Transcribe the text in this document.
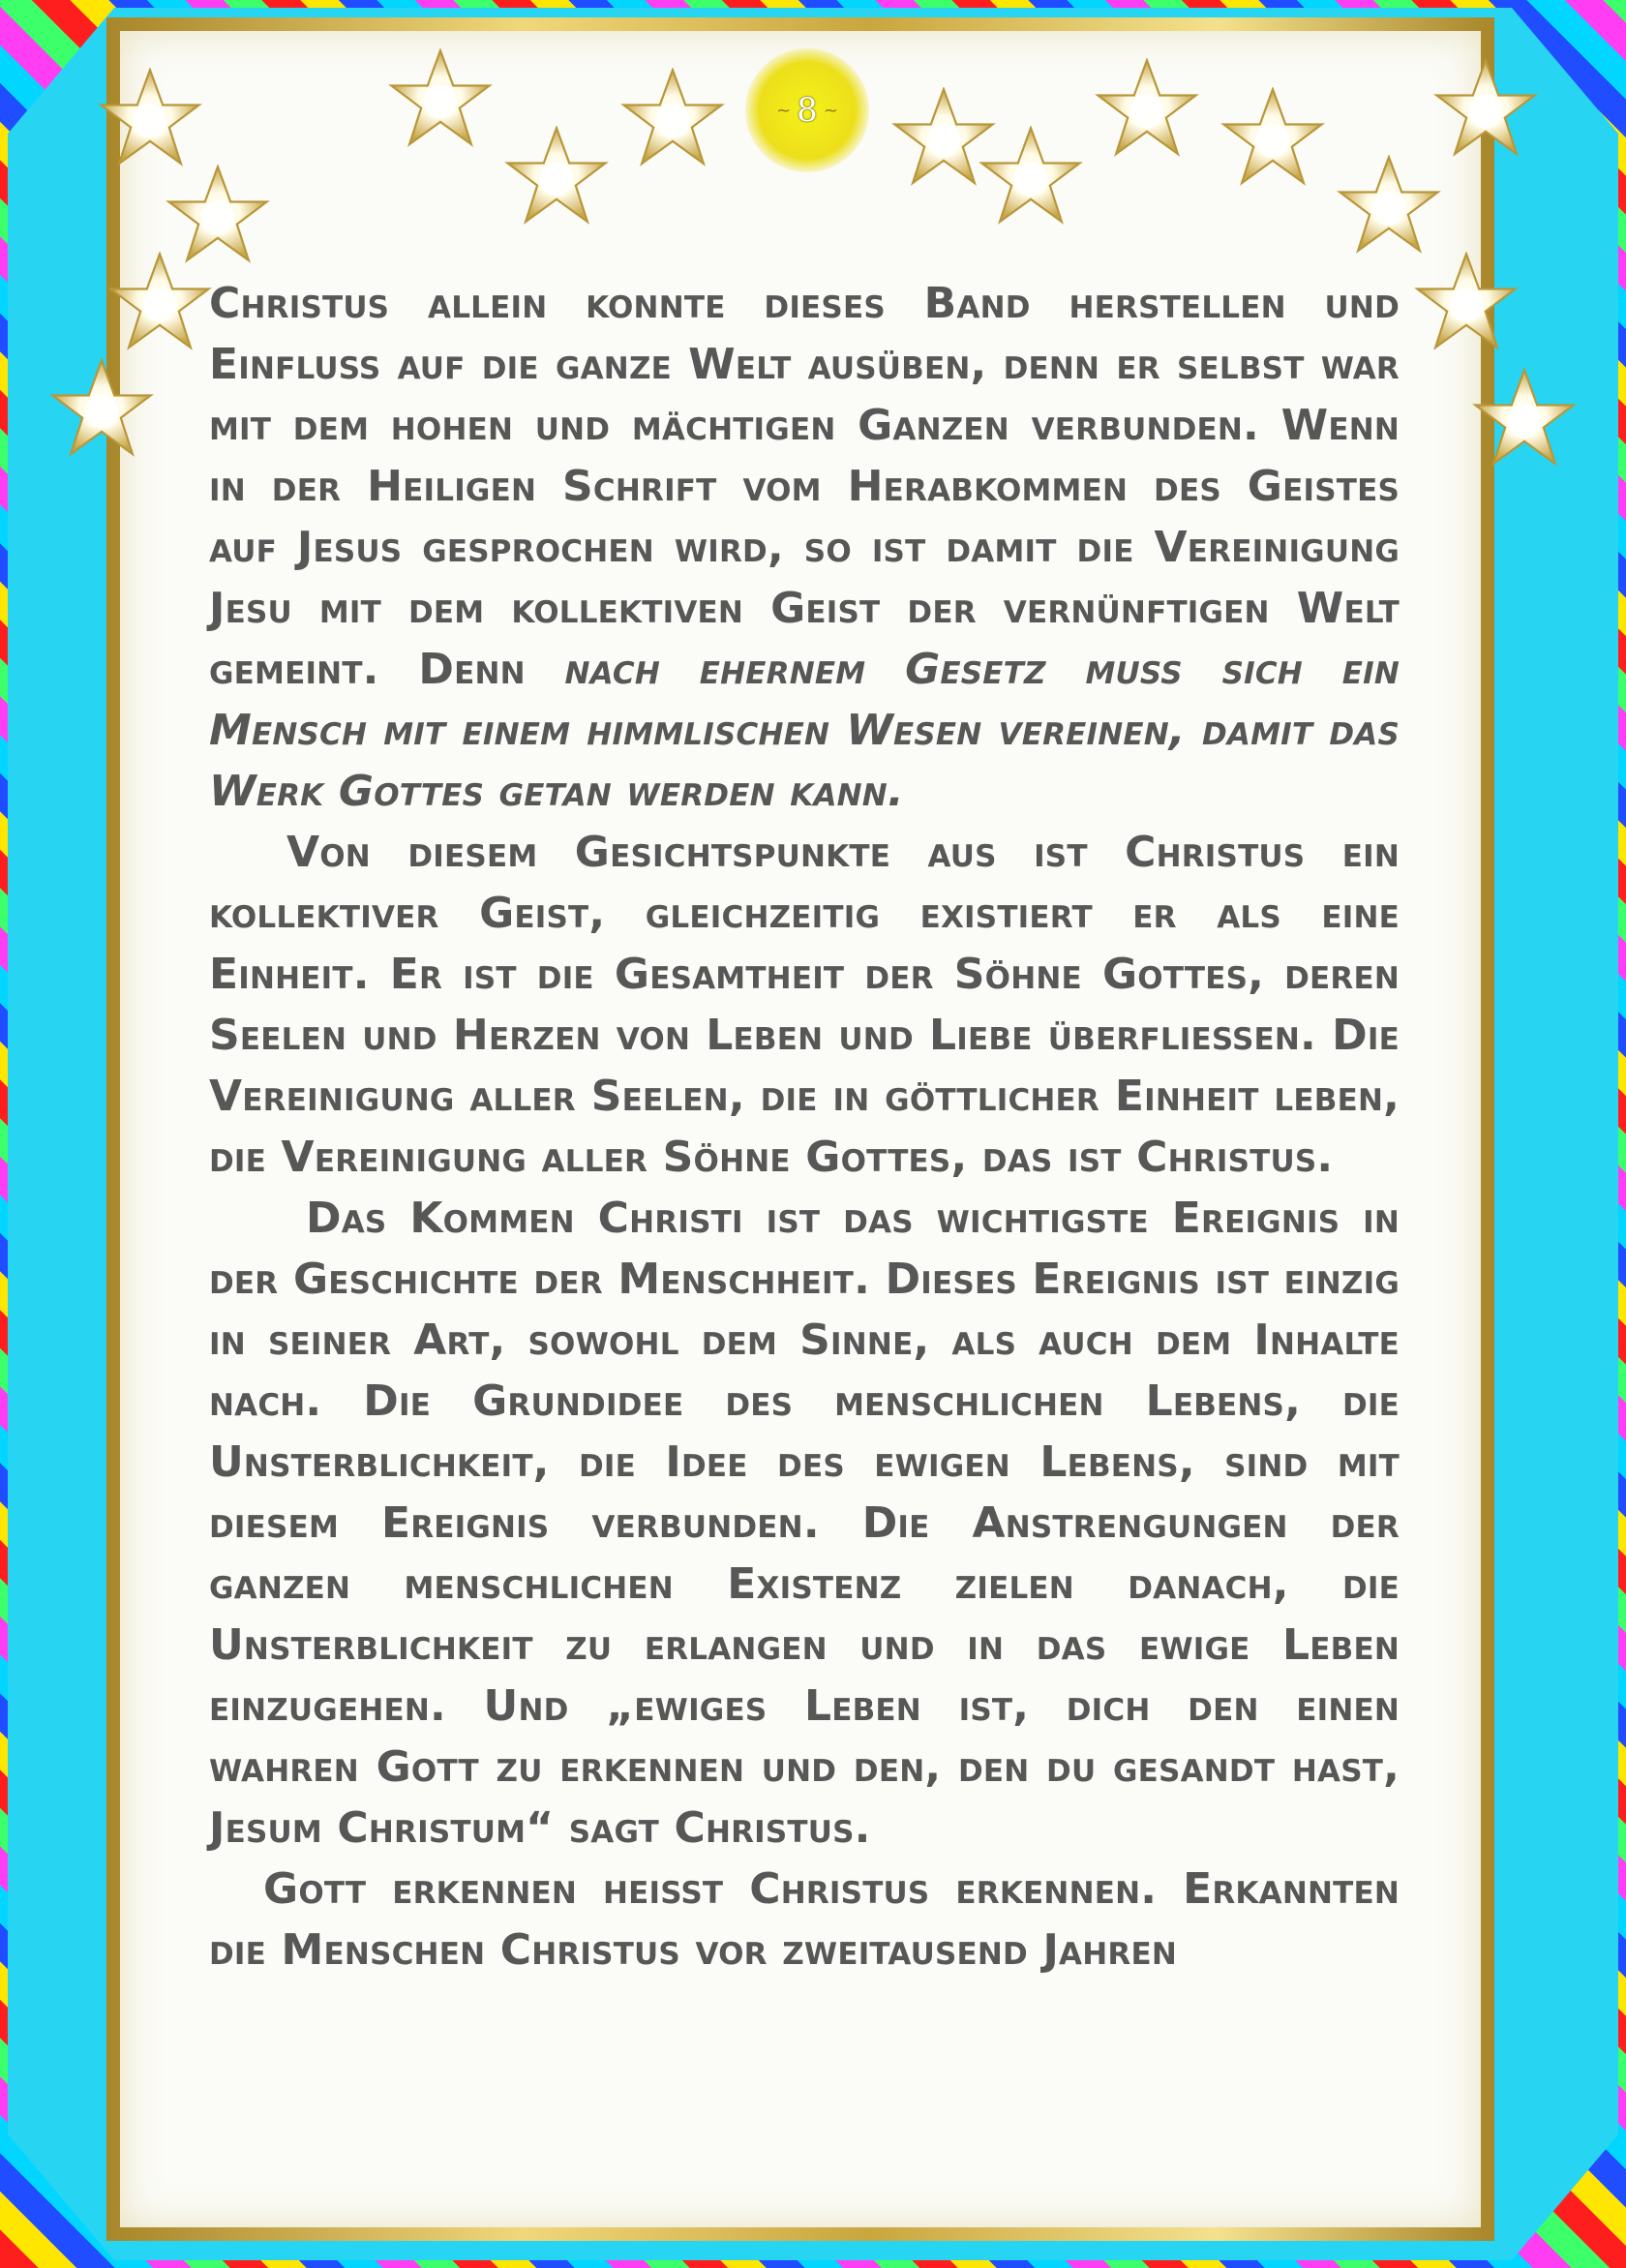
~ 8 ~

Christus allein konnte dieses Band herstellen und Einfluss auf die ganze Welt ausüben, denn er selbst war mit dem hohen und mächtigen Ganzen verbunden. Wenn in der Heiligen Schrift vom Herabkommen des Geistes auf Jesus gesprochen wird, so ist damit die Vereinigung Jesu mit dem kollektiven Geist der vernünftigen Welt gemeint. Denn nach ehernem Gesetz muss sich ein Mensch mit einem himmlischen Wesen vereinen, damit das Werk Gottes getan werden kann.

Von diesem Gesichtspunkte aus ist Christus ein kollektiver Geist, gleichzeitig existiert er als eine Einheit. Er ist die Gesamtheit der Söhne Gottes, deren Seelen und Herzen von Leben und Liebe überfliessen. Die Vereinigung aller Seelen, die in göttlicher Einheit leben, die Vereinigung aller Söhne Gottes, das ist Christus.

Das Kommen Christi ist das wichtigste Ereignis in der Geschichte der Menschheit. Dieses Ereignis ist einzig in seiner Art, sowohl dem Sinne, als auch dem Inhalte nach. Die Grundidee des menschlichen Lebens, die Unsterblichkeit, die Idee des ewigen Lebens, sind mit diesem Ereignis verbunden. Die Anstrengungen der ganzen menschlichen Existenz zielen danach, die Unsterblichkeit zu erlangen und in das ewige Leben einzugehen. Und „ewiges Leben ist, dich den einen wahren Gott zu erkennen und den, den du gesandt hast, Jesum Christum“ sagt Christus.

Gott erkennen heisst Christus erkennen. Erkannten die Menschen Christus vor zweitausend Jahren
